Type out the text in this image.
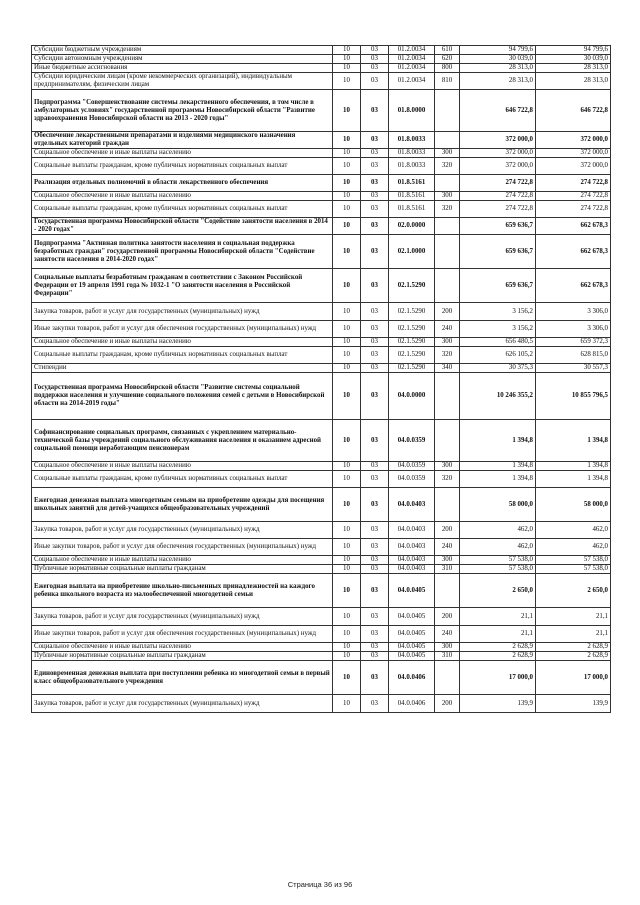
Субсидии бюджетным учреждениям	10	03	01.2.0034	610	94 799,6	94 799,6
Субсидии автономным учреждениям	10	03	01.2.0034	620	30 039,0	30 039,0
Иные бюджетные ассигнования	10	03	01.2.0034	800	28 313,0	28 313,0
Субсидии юридическим лицам (кроме некоммерческих организаций), индивидуальным предпринимателям, физическим лицам	10	03	01.2.0034	810	28 313,0	28 313,0
Подпрограмма "Совершенствование системы лекарственного обеспечения, в том числе в амбулаторных условиях" государственной программы Новосибирской области "Развитие здравоохранения Новосибирской области на 2013 - 2020 годы"	10	03	01.8.0000		646 722,8	646 722,8
Обеспечение лекарственными препаратами и изделиями медицинского назначения отдельных категорий граждан	10	03	01.8.0033		372 000,0	372 000,0
Социальное обеспечение и иные выплаты населению	10	03	01.8.0033	300	372 000,0	372 000,0
Социальные выплаты гражданам, кроме публичных нормативных социальных выплат	10	03	01.8.0033	320	372 000,0	372 000,0
Реализация отдельных полномочий в области лекарственного обеспечения	10	03	01.8.5161		274 722,8	274 722,8
Социальное обеспечение и иные выплаты населению	10	03	01.8.5161	300	274 722,8	274 722,8
Социальные выплаты гражданам, кроме публичных нормативных социальных выплат	10	03	01.8.5161	320	274 722,8	274 722,8
Государственная программа Новосибирской области "Содействие занятости населения в 2014 - 2020 годах"	10	03	02.0.0000		659 636,7	662 678,3
Подпрограмма "Активная политика занятости населения и социальная поддержка безработных граждан" государственной программы Новосибирской области "Содействие занятости населения в 2014-2020 годах"	10	03	02.1.0000		659 636,7	662 678,3
Социальные выплаты безработным гражданам в соответствии с Законом Российской Федерации от 19 апреля 1991 года № 1032-1 "О занятости населения в Российской Федерации"	10	03	02.1.5290		659 636,7	662 678,3
Закупка товаров, работ и услуг для государственных (муниципальных) нужд	10	03	02.1.5290	200	3 156,2	3 306,0
Иные закупки товаров, работ и услуг для обеспечения государственных (муниципальных) нужд	10	03	02.1.5290	240	3 156,2	3 306,0
Социальное обеспечение и иные выплаты населению	10	03	02.1.5290	300	656 480,5	659 372,3
Социальные выплаты гражданам, кроме публичных нормативных социальных выплат	10	03	02.1.5290	320	626 105,2	628 815,0
Стипендии	10	03	02.1.5290	340	30 375,3	30 557,3
Государственная программа Новосибирской области "Развитие системы социальной поддержки населения и улучшение социального положения семей с детьми в Новосибирской области на 2014-2019 годы"	10	03	04.0.0000		10 246 355,2	10 855 796,5
Софинансирование социальных программ, связанных с укреплением материально-технической базы учреждений социального обслуживания населения и оказанием адресной социальной помощи неработающим пенсионерам	10	03	04.0.0359		1 394,8	1 394,8
Социальное обеспечение и иные выплаты населению	10	03	04.0.0359	300	1 394,8	1 394,8
Социальные выплаты гражданам, кроме публичных нормативных социальных выплат	10	03	04.0.0359	320	1 394,8	1 394,8
Ежегодная денежная выплата многодетным семьям на приобретение одежды для посещения школьных занятий для детей-учащихся общеобразовательных учреждений	10	03	04.0.0403		58 000,0	58 000,0
Закупка товаров, работ и услуг для государственных (муниципальных) нужд	10	03	04.0.0403	200	462,0	462,0
Иные закупки товаров, работ и услуг для обеспечения государственных (муниципальных) нужд	10	03	04.0.0403	240	462,0	462,0
Социальное обеспечение и иные выплаты населению	10	03	04.0.0403	300	57 538,0	57 538,0
Публичные нормативные социальные выплаты гражданам	10	03	04.0.0403	310	57 538,0	57 538,0
Ежегодная выплата на приобретение школьно-письменных принадлежностей на каждого ребенка школьного возраста из малообеспеченной многодетной семьи	10	03	04.0.0405		2 650,0	2 650,0
Закупка товаров, работ и услуг для государственных (муниципальных) нужд	10	03	04.0.0405	200	21,1	21,1
Иные закупки товаров, работ и услуг для обеспечения государственных (муниципальных) нужд	10	03	04.0.0405	240	21,1	21,1
Социальное обеспечение и иные выплаты населению	10	03	04.0.0405	300	2 628,9	2 628,9
Публичные нормативные социальные выплаты гражданам	10	03	04.0.0405	310	2 628,9	2 628,9
Единовременная денежная выплата при поступлении ребенка из многодетной семьи в первый класс общеобразовательного учреждения	10	03	04.0.0406		17 000,0	17 000,0
Закупка товаров, работ и услуг для государственных (муниципальных) нужд	10	03	04.0.0406	200	139,9	139,9
Страница 36 из 96
